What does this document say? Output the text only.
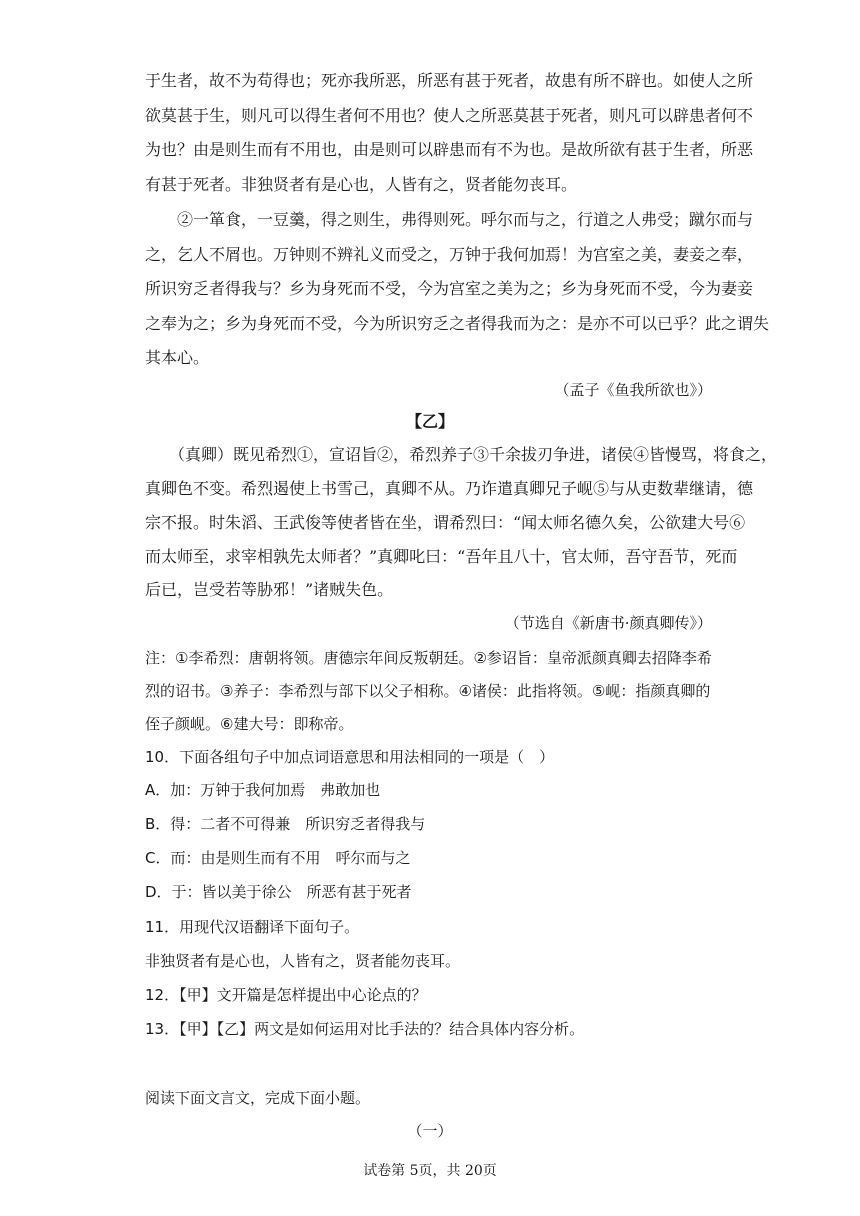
于生者，故不为苟得也；死亦我所恶，所恶有甚于死者，故患有所不辟也。如使人之所
欲莫甚于生，则凡可以得生者何不用也？使人之所恶莫甚于死者，则凡可以辟患者何不
为也？由是则生而有不用也，由是则可以辟患而有不为也。是故所欲有甚于生者，所恶
有甚于死者。非独贤者有是心也，人皆有之，贤者能勿丧耳。
　　②一箪食，一豆羹，得之则生，弗得则死。呼尔而与之，行道之人弗受；蹴尔而与
之，乞人不屑也。万钟则不辨礼义而受之，万钟于我何加焉！为宫室之美，妻妾之奉，
所识穷乏者得我与？乡为身死而不受，今为宫室之美为之；乡为身死而不受，今为妻妾
之奉为之；乡为身死而不受，今为所识穷乏之者得我而为之：是亦不可以已乎？此之谓失
其本心。
（孟子《鱼我所欲也》）
【乙】
　　（真卿）既见希烈①，宣诏旨②，希烈养子③千余拔刃争进，诸侯④皆慢骂，将食之，
真卿色不变。希烈遏使上书雪己，真卿不从。乃诈遣真卿兄子岘⑤与从吏数辈继请，德
宗不报。时朱滔、王武俊等使者皆在坐，谓希烈曰：“闻太师名德久矣，公欲建大号⑥
而太师至，求宰相孰先太师者？”真卿叱曰：“吾年且八十，官太师，吾守吾节，死而
后已，岂受若等胁邪！”诸贼失色。
（节选自《新唐书·颜真卿传》）
注：①李希烈：唐朝将领。唐德宗年间反叛朝廷。②参诏旨：皇帝派颜真卿去招降李希
烈的诏书。③养子：李希烈与部下以父子相称。④诸侯：此指将领。⑤岘：指颜真卿的
侄子颜岘。⑥建大号：即称帝。
10．下面各组句子中加点词语意思和用法相同的一项是（　）
A．加：万钟于我何加焉　弗敢加也
B．得：二者不可得兼　所识穷乏者得我与
C．而：由是则生而有不用　呼尔而与之
D．于：皆以美于徐公　所恶有甚于死者
11．用现代汉语翻译下面句子。
非独贤者有是心也，人皆有之，贤者能勿丧耳。
12．【甲】文开篇是怎样提出中心论点的？
13．【甲】【乙】两文是如何运用对比手法的？结合具体内容分析。
阅读下面文言文，完成下面小题。
（一）
试卷第 5页，共 20页
